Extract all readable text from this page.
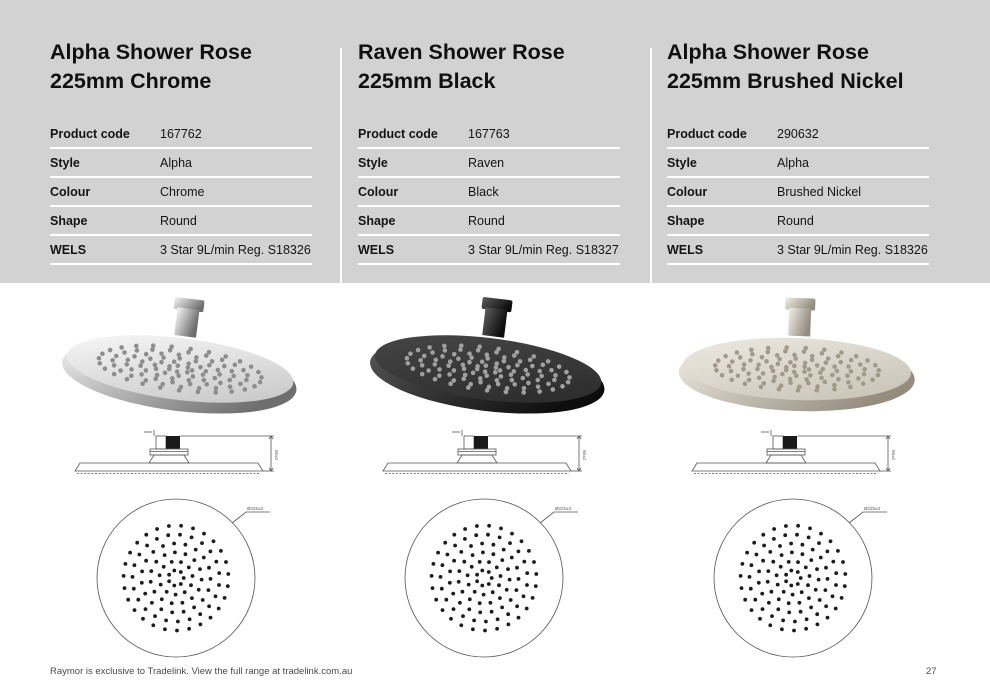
Alpha Shower Rose
225mm Chrome
Product code	167762
Style	Alpha
Colour	Chrome
Shape	Round
WELS	3 Star 9L/min Reg. S18326
65±2
Ø225±3
Raven Shower Rose
225mm Black
Product code	167763
Style	Raven
Colour	Black
Shape	Round
WELS	3 Star 9L/min Reg. S18327
65±2
Ø225±3
Alpha Shower Rose
225mm Brushed Nickel
Product code	290632
Style	Alpha
Colour	Brushed Nickel
Shape	Round
WELS	3 Star 9L/min Reg. S18326
65±2
Ø225±3
Raymor is exclusive to Tradelink. View the full range at tradelink.com.au	27
